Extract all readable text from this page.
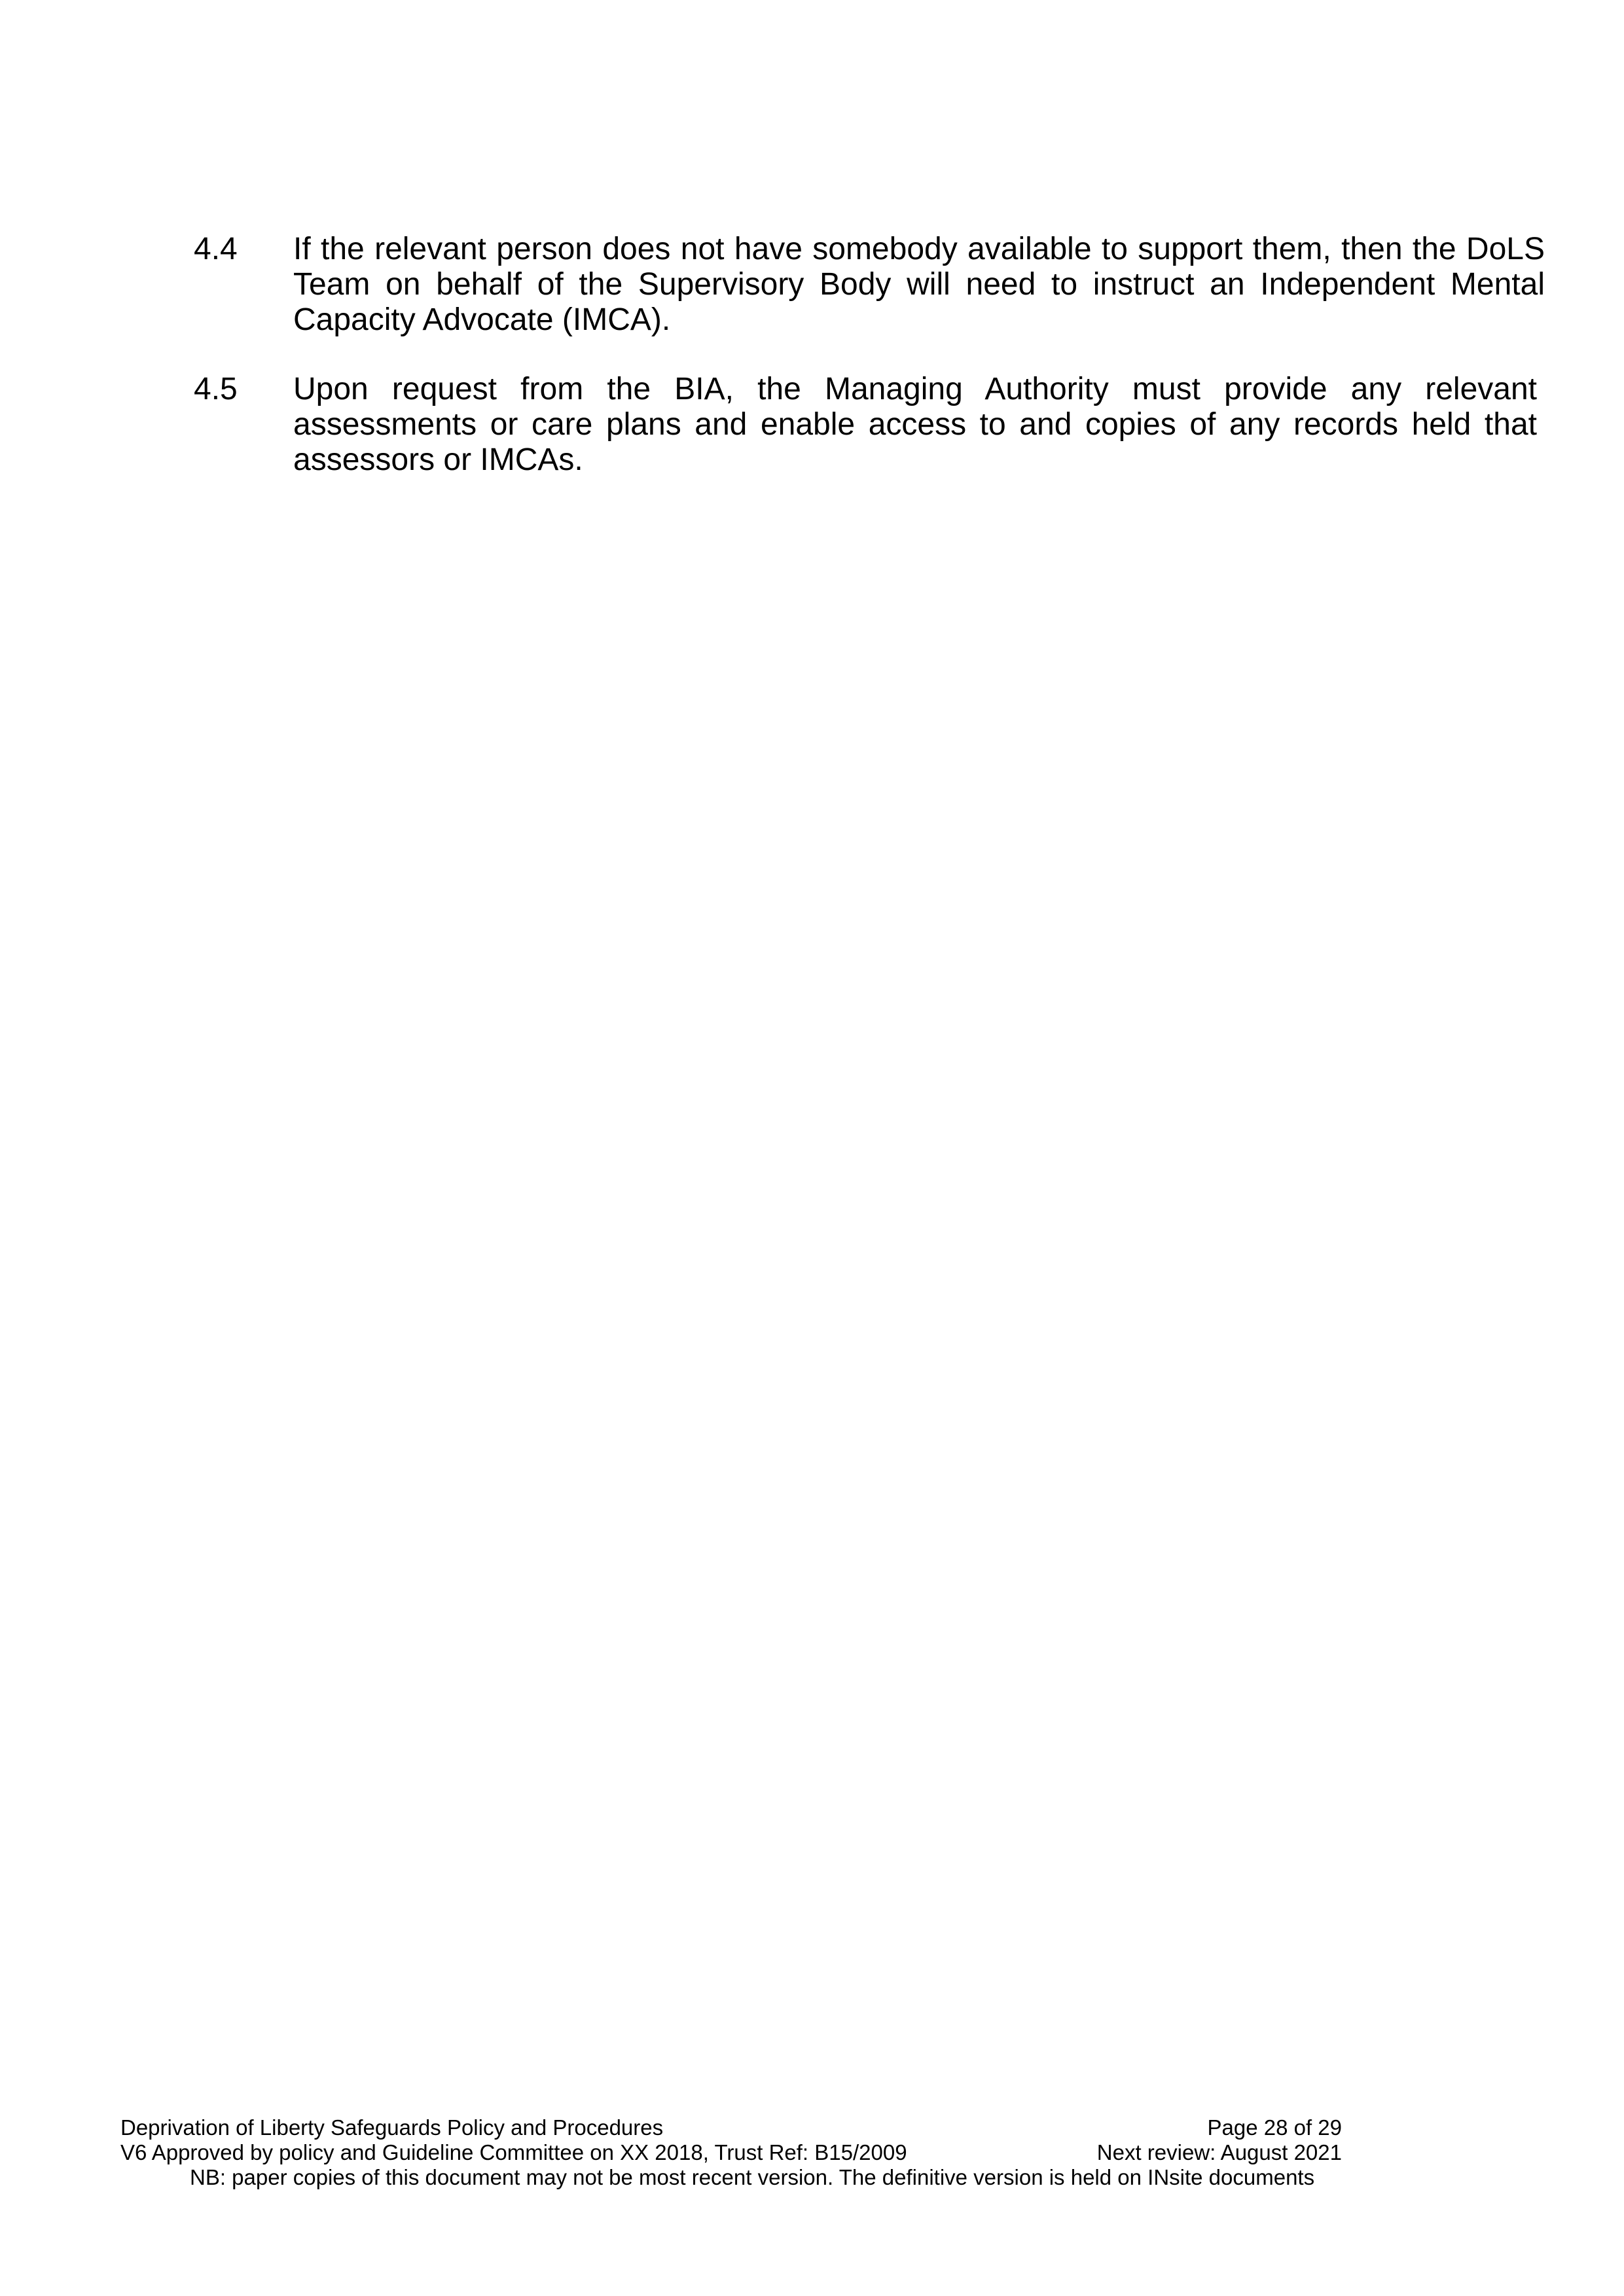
4.4	If the relevant person does not have somebody available to support them, then the DoLS Team on behalf of the Supervisory Body will need to instruct an Independent Mental Capacity Advocate (IMCA).
4.5	Upon request from the BIA, the Managing Authority must provide any relevant assessments or care plans and enable access to and copies of any records held that assessors or IMCAs.
Deprivation of Liberty Safeguards Policy and Procedures	Page 28 of 29
V6 Approved by policy and Guideline Committee on XX 2018, Trust Ref: B15/2009	Next review: August 2021
NB: paper copies of this document may not be most recent version. The definitive version is held on INsite documents
